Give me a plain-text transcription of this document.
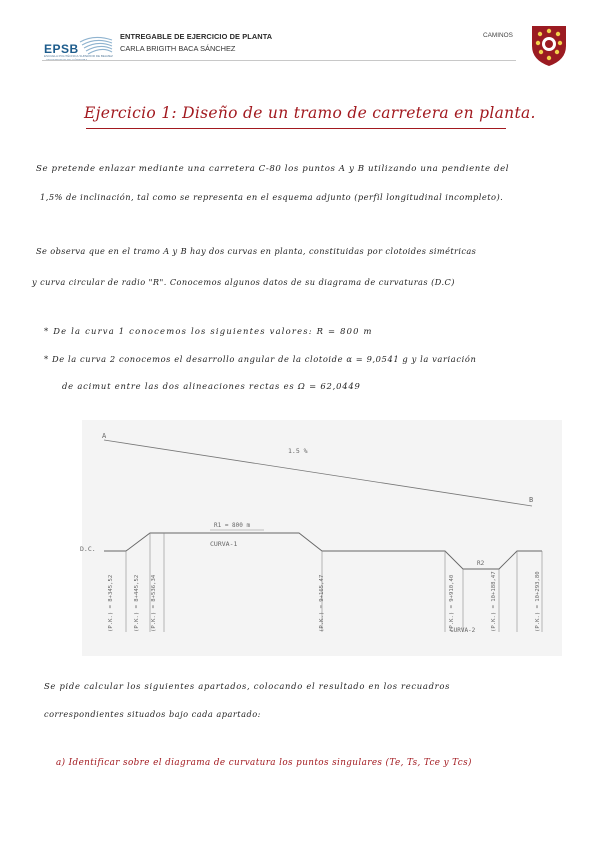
EPSB
ESCUELA POLITÉCNICA SUPERIOR DE BELMEZ · UNIVERSIDAD DE CÓRDOBA
ENTREGABLE DE EJERCICIO DE PLANTA
CARLA BRIGITH BACA SÁNCHEZ
CAMINOS
Ejercicio 1: Diseño de un tramo de carretera en planta.
Se pretende enlazar mediante una carretera C-80 los puntos A y B utilizando una pendiente del
1,5% de inclinación, tal como se representa en el esquema adjunto (perfil longitudinal incompleto).
Se observa que en el tramo A y B hay dos curvas en planta, constituidas por clotoides simétricas
y curva circular de radio "R". Conocemos algunos datos de su diagrama de curvaturas (D.C)
* De la curva 1 conocemos los siguientes valores: R = 800 m
* De la curva 2 conocemos el desarrollo angular de la clotoide α = 9,0541 g y la variación
de acimut entre las dos alineaciones rectas es Ω = 62,0449
A
B
1.5 %
D.C.
R1 = 800 m
CURVA-1
R2
(P.K.) = 8+345,52	(P.K.) = 8+445,52 (P.K.) = 8+536,34	(P.K.) = 9+165,47	(P.K.) = 9+910,40	(P.K.) = 10+188,47	(P.K.) = 10+293,80
CURVA-2
Se pide calcular los siguientes apartados, colocando el resultado en los recuadros
correspondientes situados bajo cada apartado:
a) Identificar sobre el diagrama de curvatura los puntos singulares (Te, Ts, Tce y Tcs)
